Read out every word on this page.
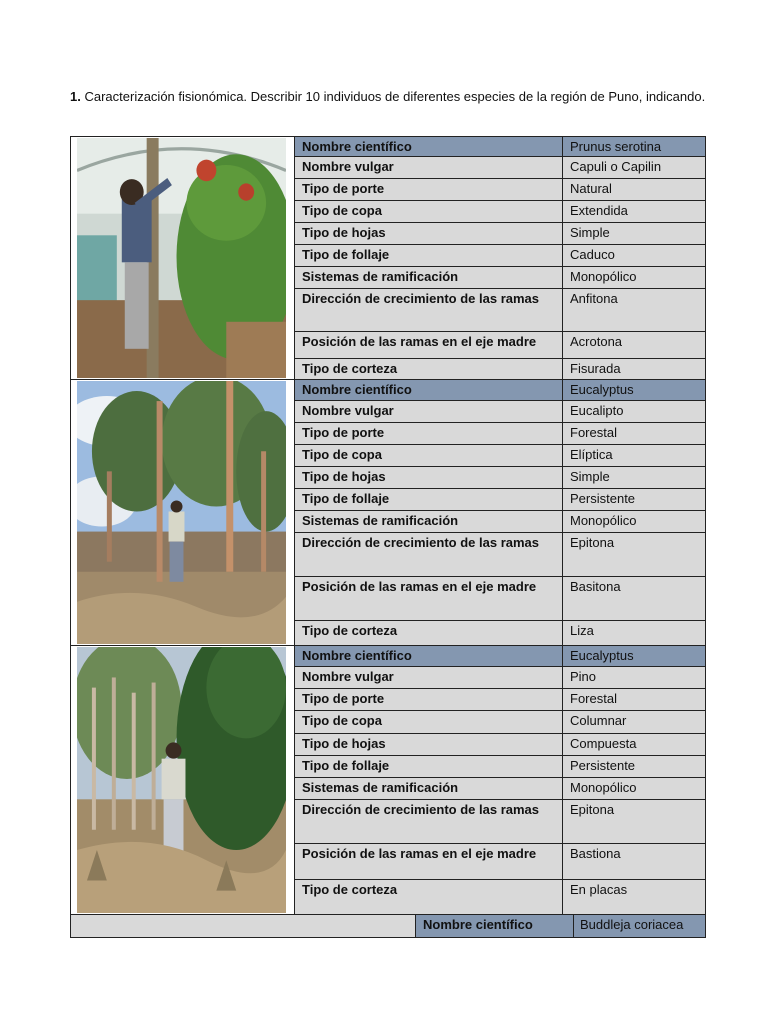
1. Caracterización fisionómica. Describir 10 individuos de diferentes especies de la región de Puno, indicando.
Nombre científico	Prunus serotina
Nombre vulgar	Capuli o Capilin
Tipo de porte	Natural
Tipo de copa	Extendida
Tipo de hojas	Simple
Tipo de follaje	Caduco
Sistemas de ramificación	Monopólico
Dirección de crecimiento de las ramas	Anfitona
Posición de las ramas en el eje madre	Acrotona
Tipo de corteza	Fisurada
Nombre científico	Eucalyptus
Nombre vulgar	Eucalipto
Tipo de porte	Forestal
Tipo de copa	Elíptica
Tipo de hojas	Simple
Tipo de follaje	Persistente
Sistemas de ramificación	Monopólico
Dirección de crecimiento de las ramas	Epitona
Posición de las ramas en el eje madre	Basitona
Tipo de corteza	Liza
Nombre científico	Eucalyptus
Nombre vulgar	Pino
Tipo de porte	Forestal
Tipo de copa	Columnar
Tipo de hojas	Compuesta
Tipo de follaje	Persistente
Sistemas de ramificación	Monopólico
Dirección de crecimiento de las ramas	Epitona
Posición de las ramas en el eje madre	Bastiona
Tipo de corteza	En placas
Nombre científico	Buddleja coriacea
